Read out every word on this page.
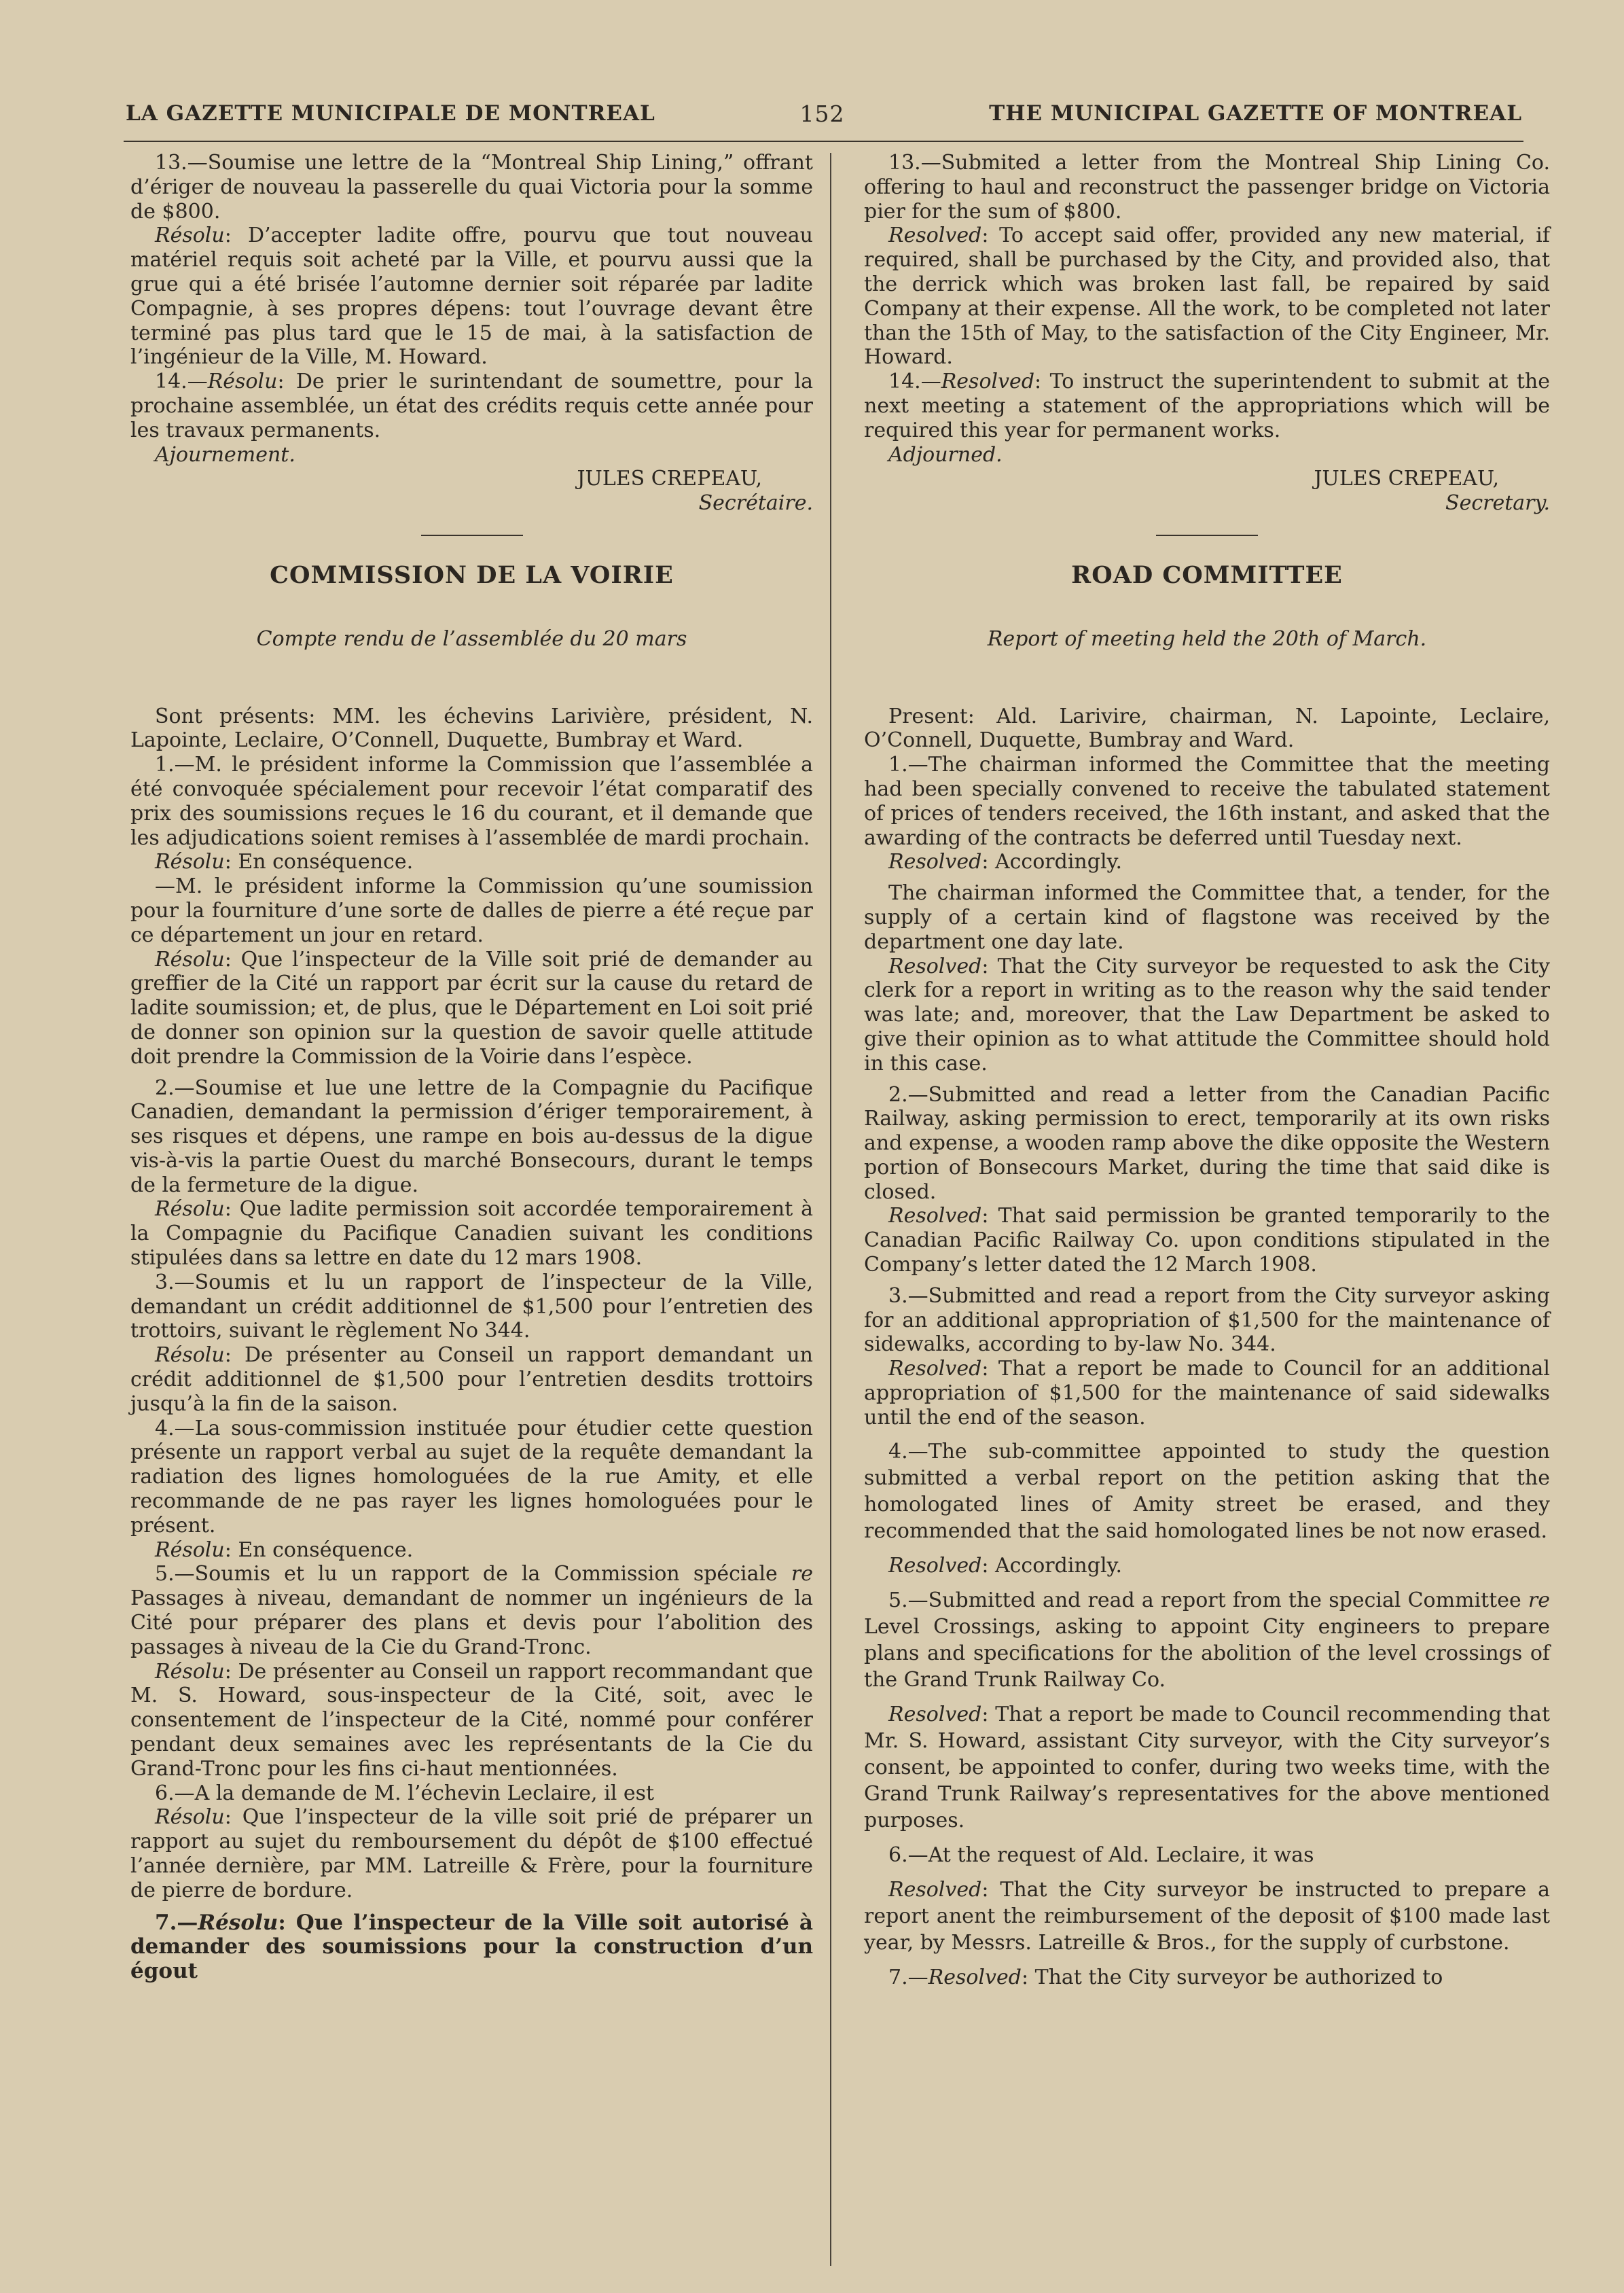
LA GAZETTE MUNICIPALE DE MONTREAL	152	THE MUNICIPAL GAZETTE OF MONTREAL

13.—Soumise une lettre de la “Montreal Ship Lining,” offrant d’ériger de nouveau la passerelle du quai Victoria pour la somme de $800.

Résolu: D’accepter ladite offre, pourvu que tout nouveau matériel requis soit acheté par la Ville, et pourvu aussi que la grue qui a été brisée l’automne dernier soit réparée par ladite Compagnie, à ses propres dépens: tout l’ouvrage devant être terminé pas plus tard que le 15 de mai, à la satisfaction de l’ingénieur de la Ville, M. Howard.

14.—Résolu: De prier le surintendant de soumettre, pour la prochaine assemblée, un état des crédits requis cette année pour les travaux permanents.

Ajournement.

JULES CREPEAU,
Secrétaire.

COMMISSION DE LA VOIRIE
Compte rendu de l’assemblée du 20 mars

Sont présents: MM. les échevins Larivière, président, N. Lapointe, Leclaire, O’Connell, Duquette, Bumbray et Ward.

1.—M. le président informe la Commission que l’assemblée a été convoquée spécialement pour recevoir l’état comparatif des prix des soumissions reçues le 16 du courant, et il demande que les adjudications soient remises à l’assemblée de mardi prochain.

Résolu: En conséquence.

—M. le président informe la Commission qu’une soumission pour la fourniture d’une sorte de dalles de pierre a été reçue par ce département un jour en retard.

Résolu: Que l’inspecteur de la Ville soit prié de demander au greffier de la Cité un rapport par écrit sur la cause du retard de ladite soumission; et, de plus, que le Département en Loi soit prié de donner son opinion sur la question de savoir quelle attitude doit prendre la Commission de la Voirie dans l’espèce.

2.—Soumise et lue une lettre de la Compagnie du Pacifique Canadien, demandant la permission d’ériger temporairement, à ses risques et dépens, une rampe en bois au-dessus de la digue vis-à-vis la partie Ouest du marché Bonsecours, durant le temps de la fermeture de la digue.

Résolu: Que ladite permission soit accordée temporairement à la Compagnie du Pacifique Canadien suivant les conditions stipulées dans sa lettre en date du 12 mars 1908.

3.—Soumis et lu un rapport de l’inspecteur de la Ville, demandant un crédit additionnel de $1,500 pour l’entretien des trottoirs, suivant le règlement No 344.

Résolu: De présenter au Conseil un rapport demandant un crédit additionnel de $1,500 pour l’entretien desdits trottoirs jusqu’à la fin de la saison.

4.—La sous-commission instituée pour étudier cette question présente un rapport verbal au sujet de la requête demandant la radiation des lignes homologuées de la rue Amity, et elle recommande de ne pas rayer les lignes homologuées pour le présent.

Résolu: En conséquence.

5.—Soumis et lu un rapport de la Commission spéciale re Passages à niveau, demandant de nommer un ingénieurs de la Cité pour préparer des plans et devis pour l’abolition des passages à niveau de la Cie du Grand-Tronc.

Résolu: De présenter au Conseil un rapport recommandant que M. S. Howard, sous-inspecteur de la Cité, soit, avec le consentement de l’inspecteur de la Cité, nommé pour conférer pendant deux semaines avec les représentants de la Cie du Grand-Tronc pour les fins ci-haut mentionnées.

6.—A la demande de M. l’échevin Leclaire, il est

Résolu: Que l’inspecteur de la ville soit prié de préparer un rapport au sujet du remboursement du dépôt de $100 effectué l’année dernière, par MM. Latreille & Frère, pour la fourniture de pierre de bordure.

7.—Résolu: Que l’inspecteur de la Ville soit autorisé à demander des soumissions pour la construction d’un égout

13.—Submited a letter from the Montreal Ship Lining Co. offering to haul and reconstruct the passenger bridge on Victoria pier for the sum of $800.

Resolved: To accept said offer, provided any new material, if required, shall be purchased by the City, and provided also, that the derrick which was broken last fall, be repaired by said Company at their expense. All the work, to be completed not later than the 15th of May, to the satisfaction of the City Engineer, Mr. Howard.

14.—Resolved: To instruct the superintendent to submit at the next meeting a statement of the appropriations which will be required this year for permanent works.

Adjourned.

JULES CREPEAU,
Secretary.

ROAD COMMITTEE
Report of meeting held the 20th of March.

Present: Ald. Larivire, chairman, N. Lapointe, Leclaire, O’Connell, Duquette, Bumbray and Ward.

1.—The chairman informed the Committee that the meeting had been specially convened to receive the tabulated statement of prices of tenders received, the 16th instant, and asked that the awarding of the contracts be deferred until Tuesday next.

Resolved: Accordingly.

The chairman informed the Committee that, a tender, for the supply of a certain kind of flagstone was received by the department one day late.

Resolved: That the City surveyor be requested to ask the City clerk for a report in writing as to the reason why the said tender was late; and, moreover, that the Law Department be asked to give their opinion as to what attitude the Committee should hold in this case.

2.—Submitted and read a letter from the Canadian Pacific Railway, asking permission to erect, temporarily at its own risks and expense, a wooden ramp above the dike opposite the Western portion of Bonsecours Market, during the time that said dike is closed.

Resolved: That said permission be granted temporarily to the Canadian Pacific Railway Co. upon conditions stipulated in the Company’s letter dated the 12 March 1908.

3.—Submitted and read a report from the City surveyor asking for an additional appropriation of $1,500 for the maintenance of sidewalks, according to by-law No. 344.

Resolved: That a report be made to Council for an additional appropriation of $1,500 for the maintenance of said sidewalks until the end of the season.

4.—The sub-committee appointed to study the question submitted a verbal report on the petition asking that the homologated lines of Amity street be erased, and they recommended that the said homologated lines be not now erased.

Resolved: Accordingly.

5.—Submitted and read a report from the special Committee re Level Crossings, asking to appoint City engineers to prepare plans and specifications for the abolition of the level crossings of the Grand Trunk Railway Co.

Resolved: That a report be made to Council recommending that Mr. S. Howard, assistant City surveyor, with the City surveyor’s consent, be appointed to confer, during two weeks time, with the Grand Trunk Railway’s representatives for the above mentioned purposes.

6.—At the request of Ald. Leclaire, it was

Resolved: That the City surveyor be instructed to prepare a report anent the reimbursement of the deposit of $100 made last year, by Messrs. Latreille & Bros., for the supply of curbstone.

7.—Resolved: That the City surveyor be authorized to
